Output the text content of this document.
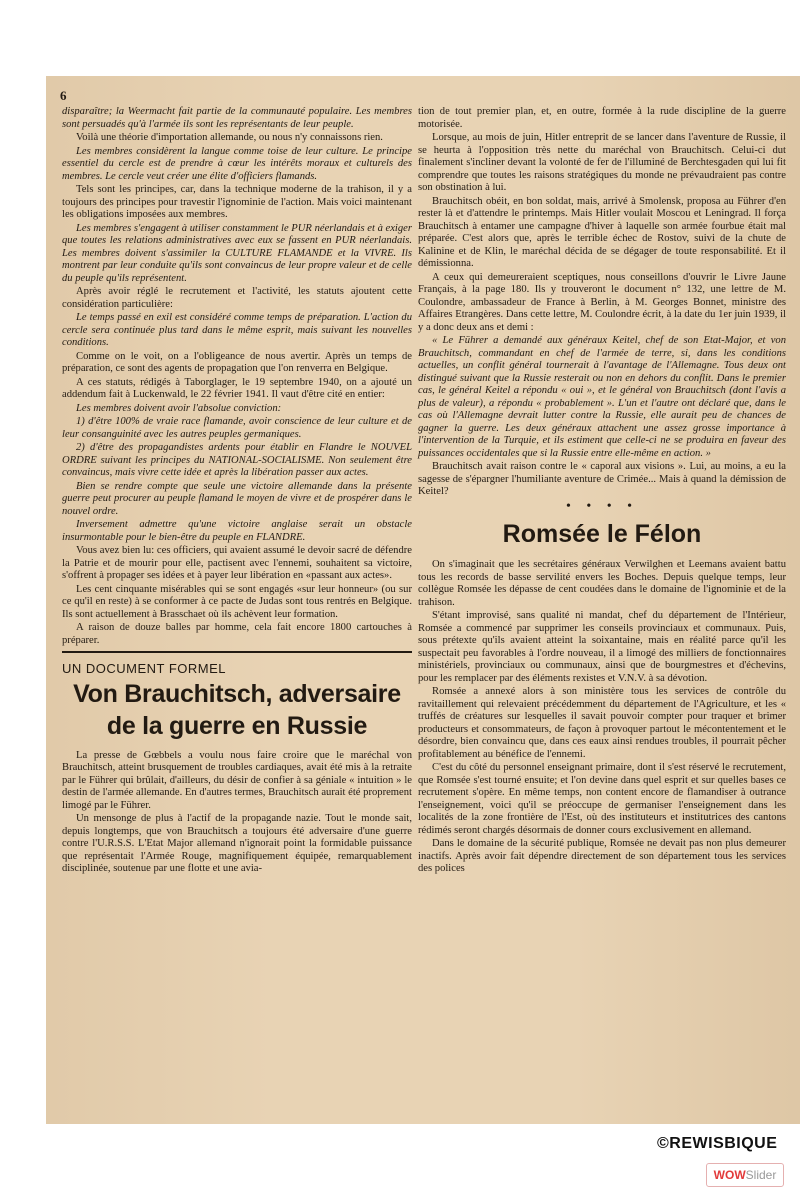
6

disparaître; la Weermacht fait partie de la communauté populaire. Les membres sont persuadés qu'à l'armée ils sont les représentants de leur peuple.

Voilà une théorie d'importation allemande, ou nous n'y connaissons rien.

Les membres considèrent la langue comme toise de leur culture. Le principe essentiel du cercle est de prendre à cœur les intérêts moraux et culturels des membres. Le cercle veut créer une élite d'officiers flamands.

Tels sont les principes, car, dans la technique moderne de la trahison, il y a toujours des principes pour travestir l'ignominie de l'action. Mais voici maintenant les obligations imposées aux membres.

Les membres s'engagent à utiliser constamment le PUR néerlandais et à exiger que toutes les relations administratives avec eux se fassent en PUR néerlandais. Les membres doivent s'assimiler la CULTURE FLAMANDE et la VIVRE. Ils montrent par leur conduite qu'ils sont convaincus de leur propre valeur et de celle du peuple qu'ils représentent.

Après avoir réglé le recrutement et l'activité, les statuts ajoutent cette considération particulière:

Le temps passé en exil est considéré comme temps de préparation. L'action du cercle sera continuée plus tard dans le même esprit, mais suivant les nouvelles conditions.

Comme on le voit, on a l'obligeance de nous avertir. Après un temps de préparation, ce sont des agents de propagation que l'on renverra en Belgique.

A ces statuts, rédigés à Taborglager, le 19 septembre 1940, on a ajouté un addendum fait à Luckenwald, le 22 février 1941. Il vaut d'être cité en entier:

Les membres doivent avoir l'absolue conviction:

1) d'être 100% de vraie race flamande, avoir conscience de leur culture et de leur consanguinité avec les autres peuples germaniques.

2) d'être des propagandistes ardents pour établir en Flandre le NOUVEL ORDRE suivant les principes du NATIONAL-SOCIALISME. Non seulement être convaincus, mais vivre cette idée et après la libération passer aux actes.

Bien se rendre compte que seule une victoire allemande dans la présente guerre peut procurer au peuple flamand le moyen de vivre et de prospérer dans le nouvel ordre.

Inversement admettre qu'une victoire anglaise serait un obstacle insurmontable pour le bien-être du peuple en FLANDRE.

Vous avez bien lu: ces officiers, qui avaient assumé le devoir sacré de défendre la Patrie et de mourir pour elle, pactisent avec l'ennemi, souhaitent sa victoire, s'offrent à propager ses idées et à payer leur libération en «passant aux actes».

Les cent cinquante misérables qui se sont engagés «sur leur honneur» (ou sur ce qu'il en reste) à se conformer à ce pacte de Judas sont tous rentrés en Belgique. Ils sont actuellement à Brasschaet où ils achèvent leur formation.

A raison de douze balles par homme, cela fait encore 1800 cartouches à préparer.

UN DOCUMENT FORMEL
Von Brauchitsch, adversaire
de la guerre en Russie

La presse de Gœbbels a voulu nous faire croire que le maréchal von Brauchitsch, atteint brusquement de troubles cardiaques, avait été mis à la retraite par le Führer qui brûlait, d'ailleurs, du désir de confier à sa géniale « intuition » le destin de l'armée allemande. En d'autres termes, Brauchitsch aurait été proprement limogé par le Führer.

Un mensonge de plus à l'actif de la propagande nazie. Tout le monde sait, depuis longtemps, que von Brauchitsch a toujours été adversaire d'une guerre contre l'U.R.S.S. L'Etat Major allemand n'ignorait point la formidable puissance que représentait l'Armée Rouge, magnifiquement équipée, remarquablement disciplinée, soutenue par une flotte et une avia-

tion de tout premier plan, et, en outre, formée à la rude discipline de la guerre motorisée.

Lorsque, au mois de juin, Hitler entreprit de se lancer dans l'aventure de Russie, il se heurta à l'opposition très nette du maréchal von Brauchitsch. Celui-ci dut finalement s'incliner devant la volonté de fer de l'illuminé de Berchtesgaden qui lui fit comprendre que toutes les raisons stratégiques du monde ne prévaudraient pas contre son obstination à lui.

Brauchitsch obéit, en bon soldat, mais, arrivé à Smolensk, proposa au Führer d'en rester là et d'attendre le printemps. Mais Hitler voulait Moscou et Leningrad. Il força Brauchitsch à entamer une campagne d'hiver à laquelle son armée fourbue était mal préparée. C'est alors que, après le terrible échec de Rostov, suivi de la chute de Kalinine et de Klin, le maréchal décida de se dégager de toute responsabilité. Et il démissionna.

A ceux qui demeureraient sceptiques, nous conseillons d'ouvrir le Livre Jaune Français, à la page 180. Ils y trouveront le document n° 132, une lettre de M. Coulondre, ambassadeur de France à Berlin, à M. Georges Bonnet, ministre des Affaires Etrangères. Dans cette lettre, M. Coulondre écrit, à la date du 1er juin 1939, il y a donc deux ans et demi :

« Le Führer a demandé aux généraux Keitel, chef de son Etat-Major, et von Brauchitsch, commandant en chef de l'armée de terre, si, dans les conditions actuelles, un conflit général tournerait à l'avantage de l'Allemagne. Tous deux ont distingué suivant que la Russie resterait ou non en dehors du conflit. Dans le premier cas, le général Keitel a répondu « oui », et le général von Brauchitsch (dont l'avis a plus de valeur), a répondu « probablement ». L'un et l'autre ont déclaré que, dans le cas où l'Allemagne devrait lutter contre la Russie, elle aurait peu de chances de gagner la guerre. Les deux généraux attachent une assez grosse importance à l'intervention de la Turquie, et ils estiment que celle-ci ne se produira en faveur des puissances occidentales que si la Russie entre elle-même en action. »

Brauchitsch avait raison contre le « caporal aux visions ». Lui, au moins, a eu la sagesse de s'épargner l'humiliante aventure de Crimée... Mais à quand la démission de Keitel?

• • • •
Romsée le Félon

On s'imaginait que les secrétaires généraux Verwilghen et Leemans avaient battu tous les records de basse servilité envers les Boches. Depuis quelque temps, leur collègue Romsée les dépasse de cent coudées dans le domaine de l'ignominie et de la trahison.

S'étant improvisé, sans qualité ni mandat, chef du département de l'Intérieur, Romsée a commencé par supprimer les conseils provinciaux et communaux. Puis, sous prétexte qu'ils avaient atteint la soixantaine, mais en réalité parce qu'il les suspectait peu favorables à l'ordre nouveau, il a limogé des milliers de fonctionnaires ministériels, provinciaux ou communaux, ainsi que de bourgmestres et d'échevins, pour les remplacer par des éléments rexistes et V.N.V. à sa dévotion.

Romsée a annexé alors à son ministère tous les services de contrôle du ravitaillement qui relevaient précédemment du département de l'Agriculture, et les « truffés de créatures sur lesquelles il savait pouvoir compter pour traquer et brimer producteurs et consommateurs, de façon à provoquer partout le mécontentement et le désordre, bien convaincu que, dans ces eaux ainsi rendues troubles, il pourrait pêcher profitablement au bénéfice de l'ennemi.

C'est du côté du personnel enseignant primaire, dont il s'est réservé le recrutement, que Romsée s'est tourné ensuite; et l'on devine dans quel esprit et sur quelles bases ce recrutement s'opère. En même temps, non content encore de flamandiser à outrance l'enseignement, voici qu'il se préoccupe de germaniser l'enseignement dans les localités de la zone frontière de l'Est, où des instituteurs et institutrices des cantons rédimés seront chargés désormais de donner cours exclusivement en allemand.

Dans le domaine de la sécurité publique, Romsée ne devait pas non plus demeurer inactifs. Après avoir fait dépendre directement de son département tous les services des polices

©REWISBIQUE
WOWSlider
